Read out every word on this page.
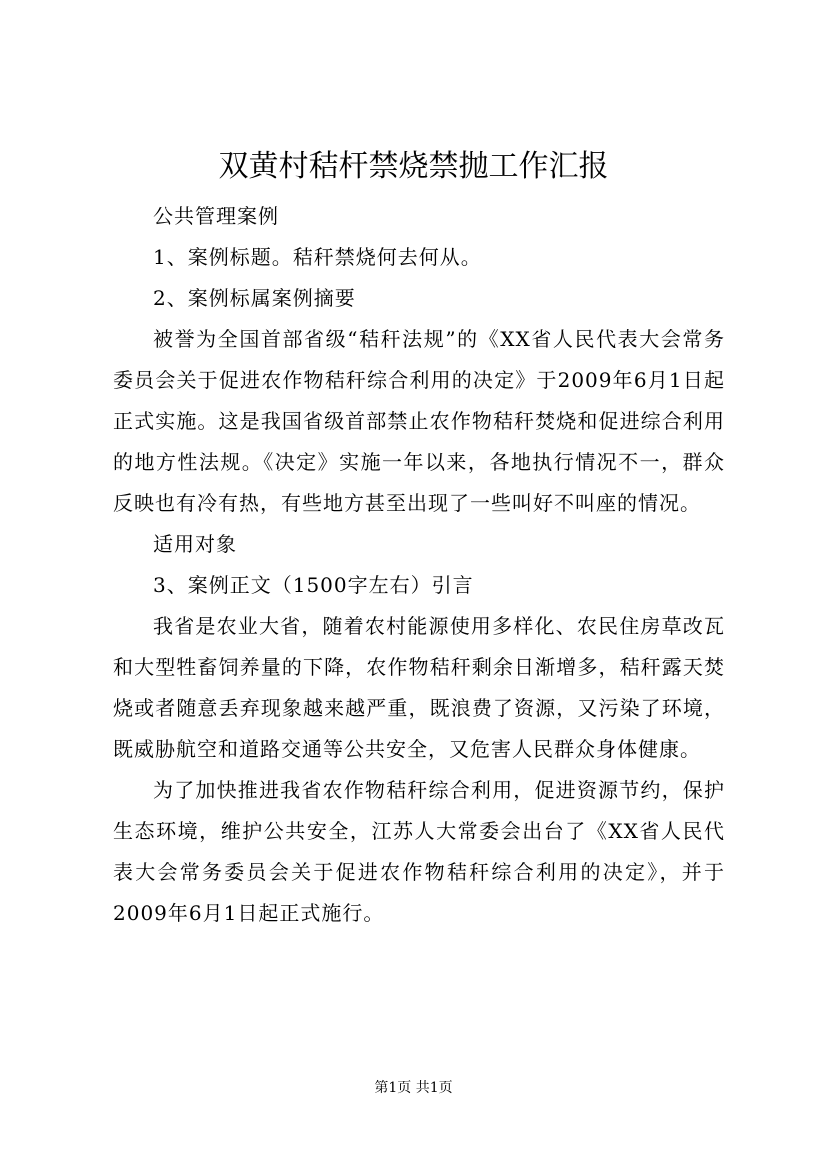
双黄村秸杆禁烧禁抛工作汇报

公共管理案例

1、案例标题。秸秆禁烧何去何从。

2、案例标属案例摘要

被誉为全国首部省级“秸秆法规”的《XX省人民代表大会常务委员会关于促进农作物秸秆综合利用的决定》于2009年6月1日起正式实施。这是我国省级首部禁止农作物秸秆焚烧和促进综合利用的地方性法规。《决定》实施一年以来，各地执行情况不一，群众反映也有冷有热，有些地方甚至出现了一些叫好不叫座的情况。

适用对象

3、案例正文（1500字左右）引言

我省是农业大省，随着农村能源使用多样化、农民住房草改瓦和大型牲畜饲养量的下降，农作物秸秆剩余日渐增多，秸秆露天焚烧或者随意丢弃现象越来越严重，既浪费了资源，又污染了环境，既威胁航空和道路交通等公共安全，又危害人民群众身体健康。

为了加快推进我省农作物秸秆综合利用，促进资源节约，保护生态环境，维护公共安全，江苏人大常委会出台了《XX省人民代表大会常务委员会关于促进农作物秸秆综合利用的决定》，并于2009年6月1日起正式施行。

第1页 共1页
